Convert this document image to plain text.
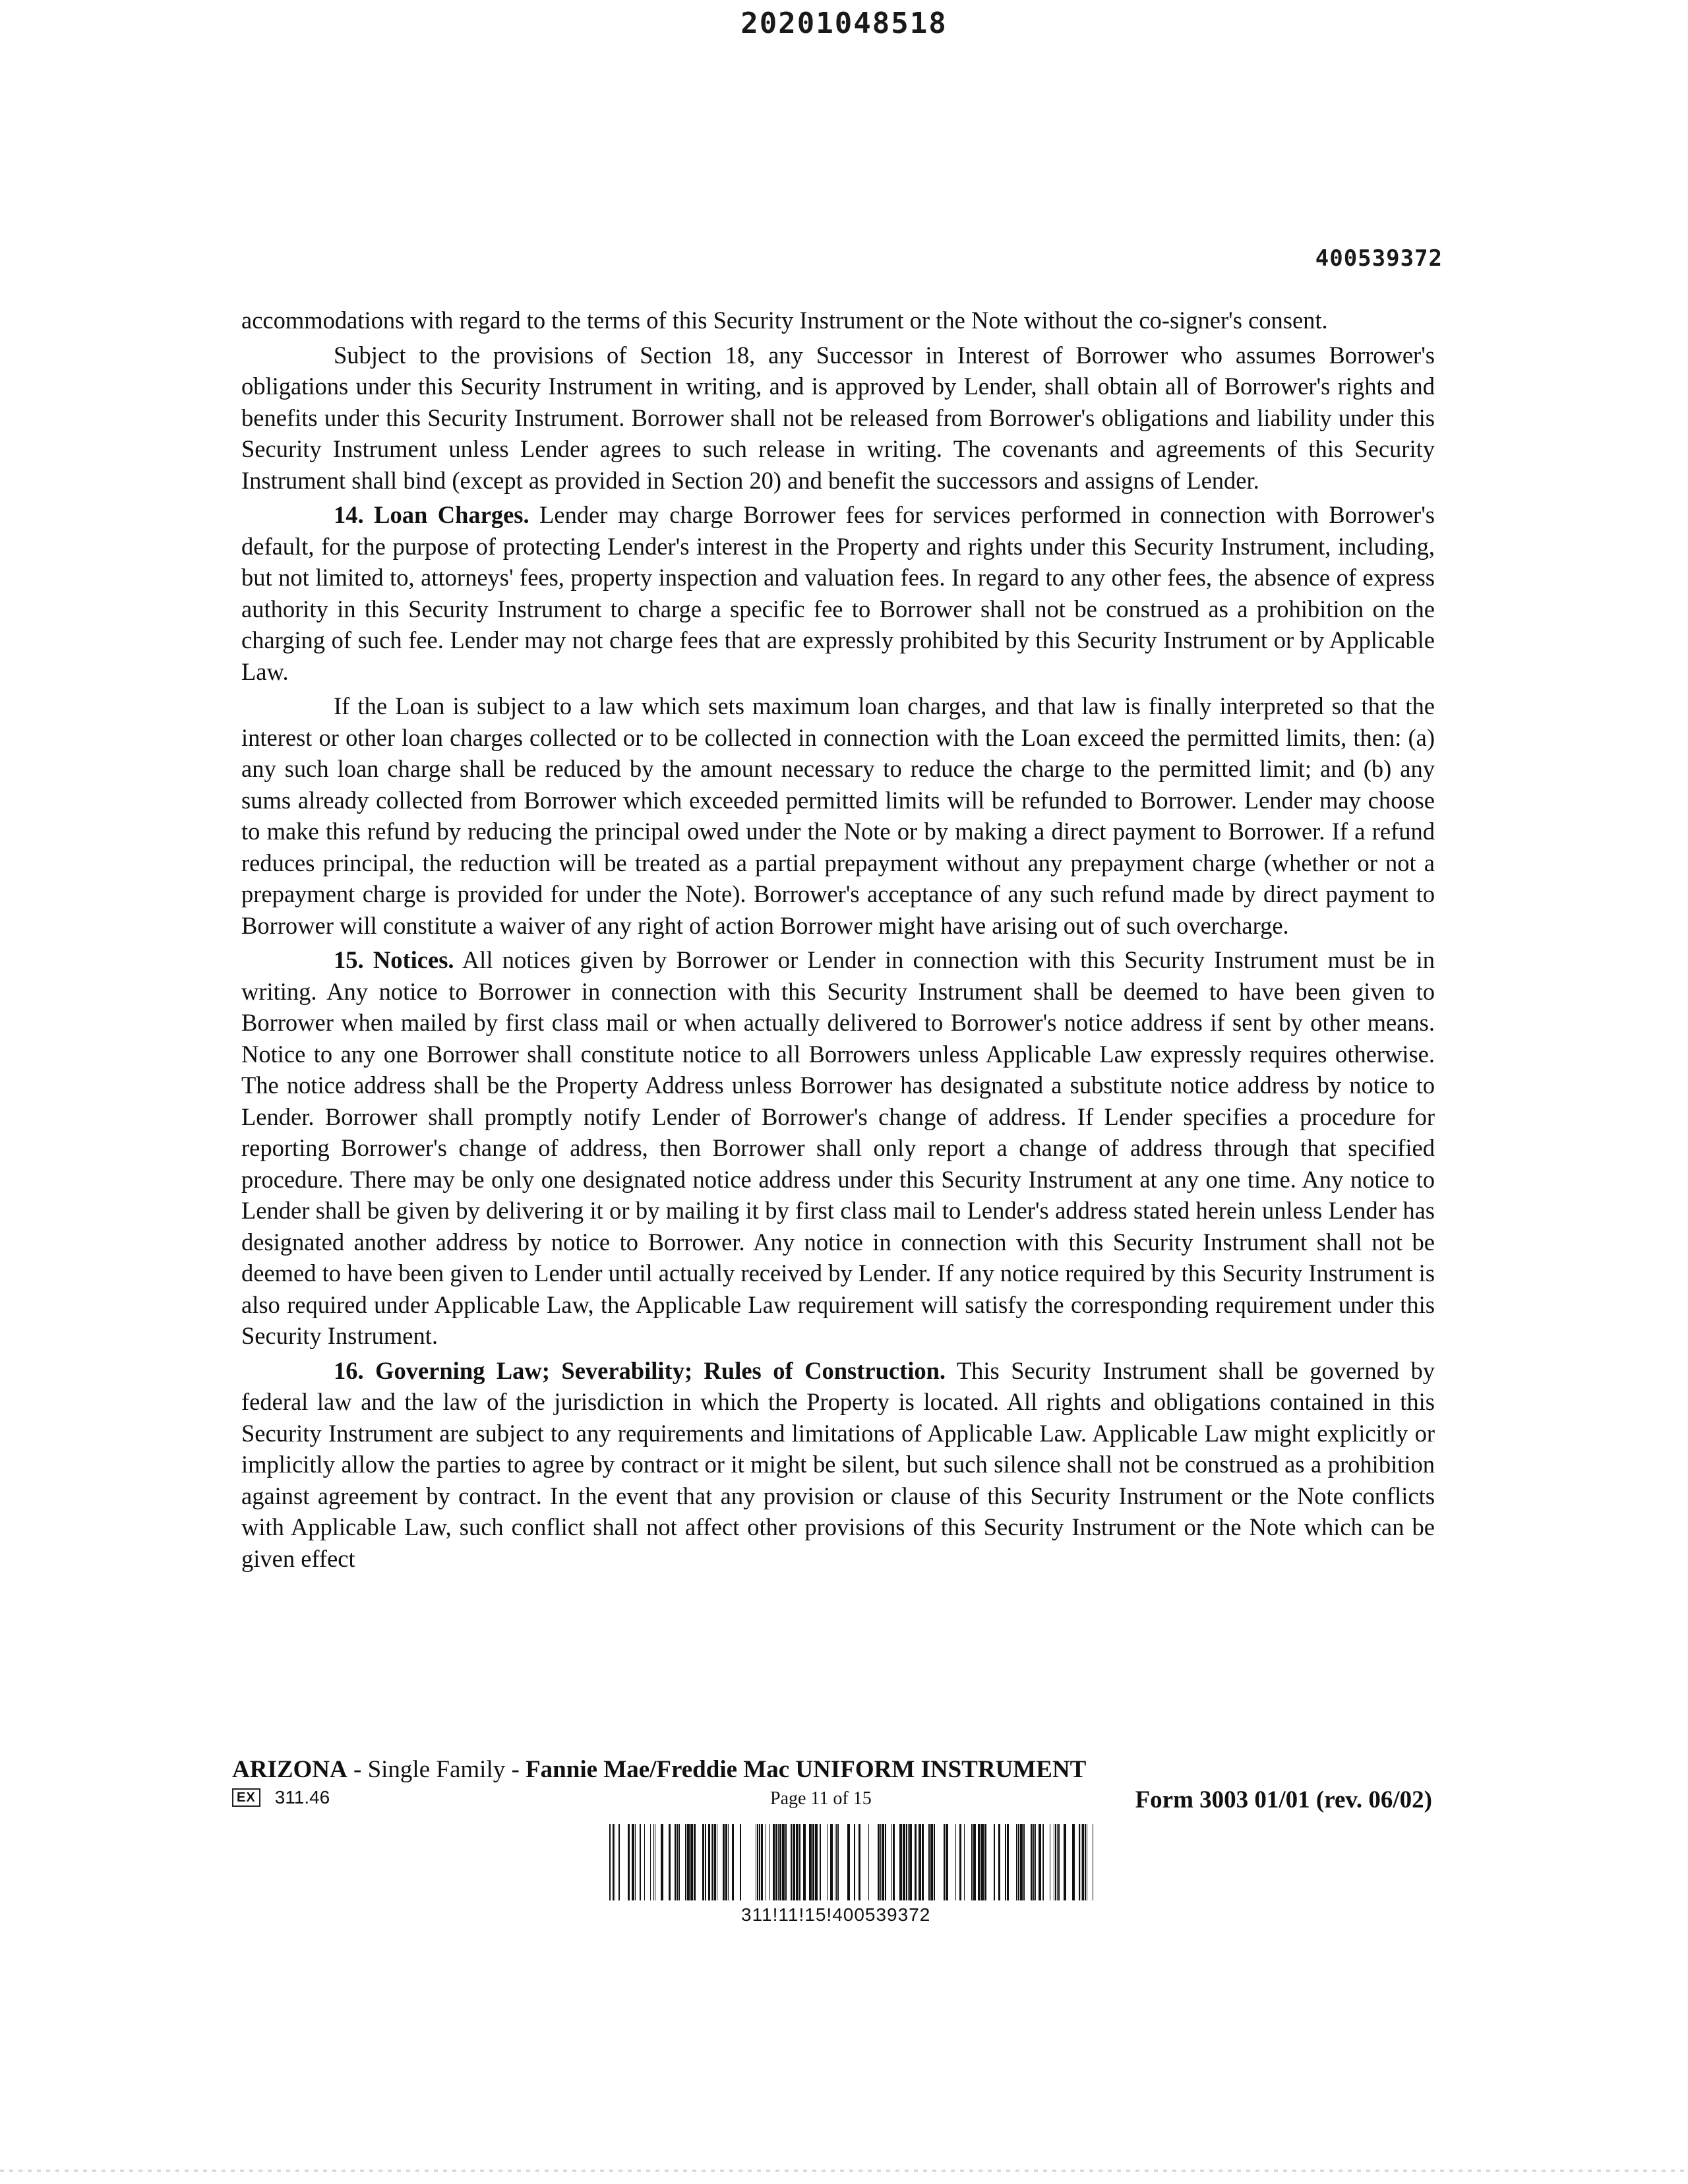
20201048518
400539372

accommodations with regard to the terms of this Security Instrument or the Note without the co-signer's consent.

Subject to the provisions of Section 18, any Successor in Interest of Borrower who assumes Borrower's obligations under this Security Instrument in writing, and is approved by Lender, shall obtain all of Borrower's rights and benefits under this Security Instrument. Borrower shall not be released from Borrower's obligations and liability under this Security Instrument unless Lender agrees to such release in writing. The covenants and agreements of this Security Instrument shall bind (except as provided in Section 20) and benefit the successors and assigns of Lender.

14. Loan Charges. Lender may charge Borrower fees for services performed in connection with Borrower's default, for the purpose of protecting Lender's interest in the Property and rights under this Security Instrument, including, but not limited to, attorneys' fees, property inspection and valuation fees. In regard to any other fees, the absence of express authority in this Security Instrument to charge a specific fee to Borrower shall not be construed as a prohibition on the charging of such fee. Lender may not charge fees that are expressly prohibited by this Security Instrument or by Applicable Law.

If the Loan is subject to a law which sets maximum loan charges, and that law is finally interpreted so that the interest or other loan charges collected or to be collected in connection with the Loan exceed the permitted limits, then: (a) any such loan charge shall be reduced by the amount necessary to reduce the charge to the permitted limit; and (b) any sums already collected from Borrower which exceeded permitted limits will be refunded to Borrower. Lender may choose to make this refund by reducing the principal owed under the Note or by making a direct payment to Borrower. If a refund reduces principal, the reduction will be treated as a partial prepayment without any prepayment charge (whether or not a prepayment charge is provided for under the Note). Borrower's acceptance of any such refund made by direct payment to Borrower will constitute a waiver of any right of action Borrower might have arising out of such overcharge.

15. Notices. All notices given by Borrower or Lender in connection with this Security Instrument must be in writing. Any notice to Borrower in connection with this Security Instrument shall be deemed to have been given to Borrower when mailed by first class mail or when actually delivered to Borrower's notice address if sent by other means. Notice to any one Borrower shall constitute notice to all Borrowers unless Applicable Law expressly requires otherwise. The notice address shall be the Property Address unless Borrower has designated a substitute notice address by notice to Lender. Borrower shall promptly notify Lender of Borrower's change of address. If Lender specifies a procedure for reporting Borrower's change of address, then Borrower shall only report a change of address through that specified procedure. There may be only one designated notice address under this Security Instrument at any one time. Any notice to Lender shall be given by delivering it or by mailing it by first class mail to Lender's address stated herein unless Lender has designated another address by notice to Borrower. Any notice in connection with this Security Instrument shall not be deemed to have been given to Lender until actually received by Lender. If any notice required by this Security Instrument is also required under Applicable Law, the Applicable Law requirement will satisfy the corresponding requirement under this Security Instrument.

16. Governing Law; Severability; Rules of Construction. This Security Instrument shall be governed by federal law and the law of the jurisdiction in which the Property is located. All rights and obligations contained in this Security Instrument are subject to any requirements and limitations of Applicable Law. Applicable Law might explicitly or implicitly allow the parties to agree by contract or it might be silent, but such silence shall not be construed as a prohibition against agreement by contract. In the event that any provision or clause of this Security Instrument or the Note conflicts with Applicable Law, such conflict shall not affect other provisions of this Security Instrument or the Note which can be given effect

ARIZONA - Single Family - Fannie Mae/Freddie Mac UNIFORM INSTRUMENT
EX 311.46	Page 11 of 15	Form 3003 01/01 (rev. 06/02)
311!11!15!400539372
